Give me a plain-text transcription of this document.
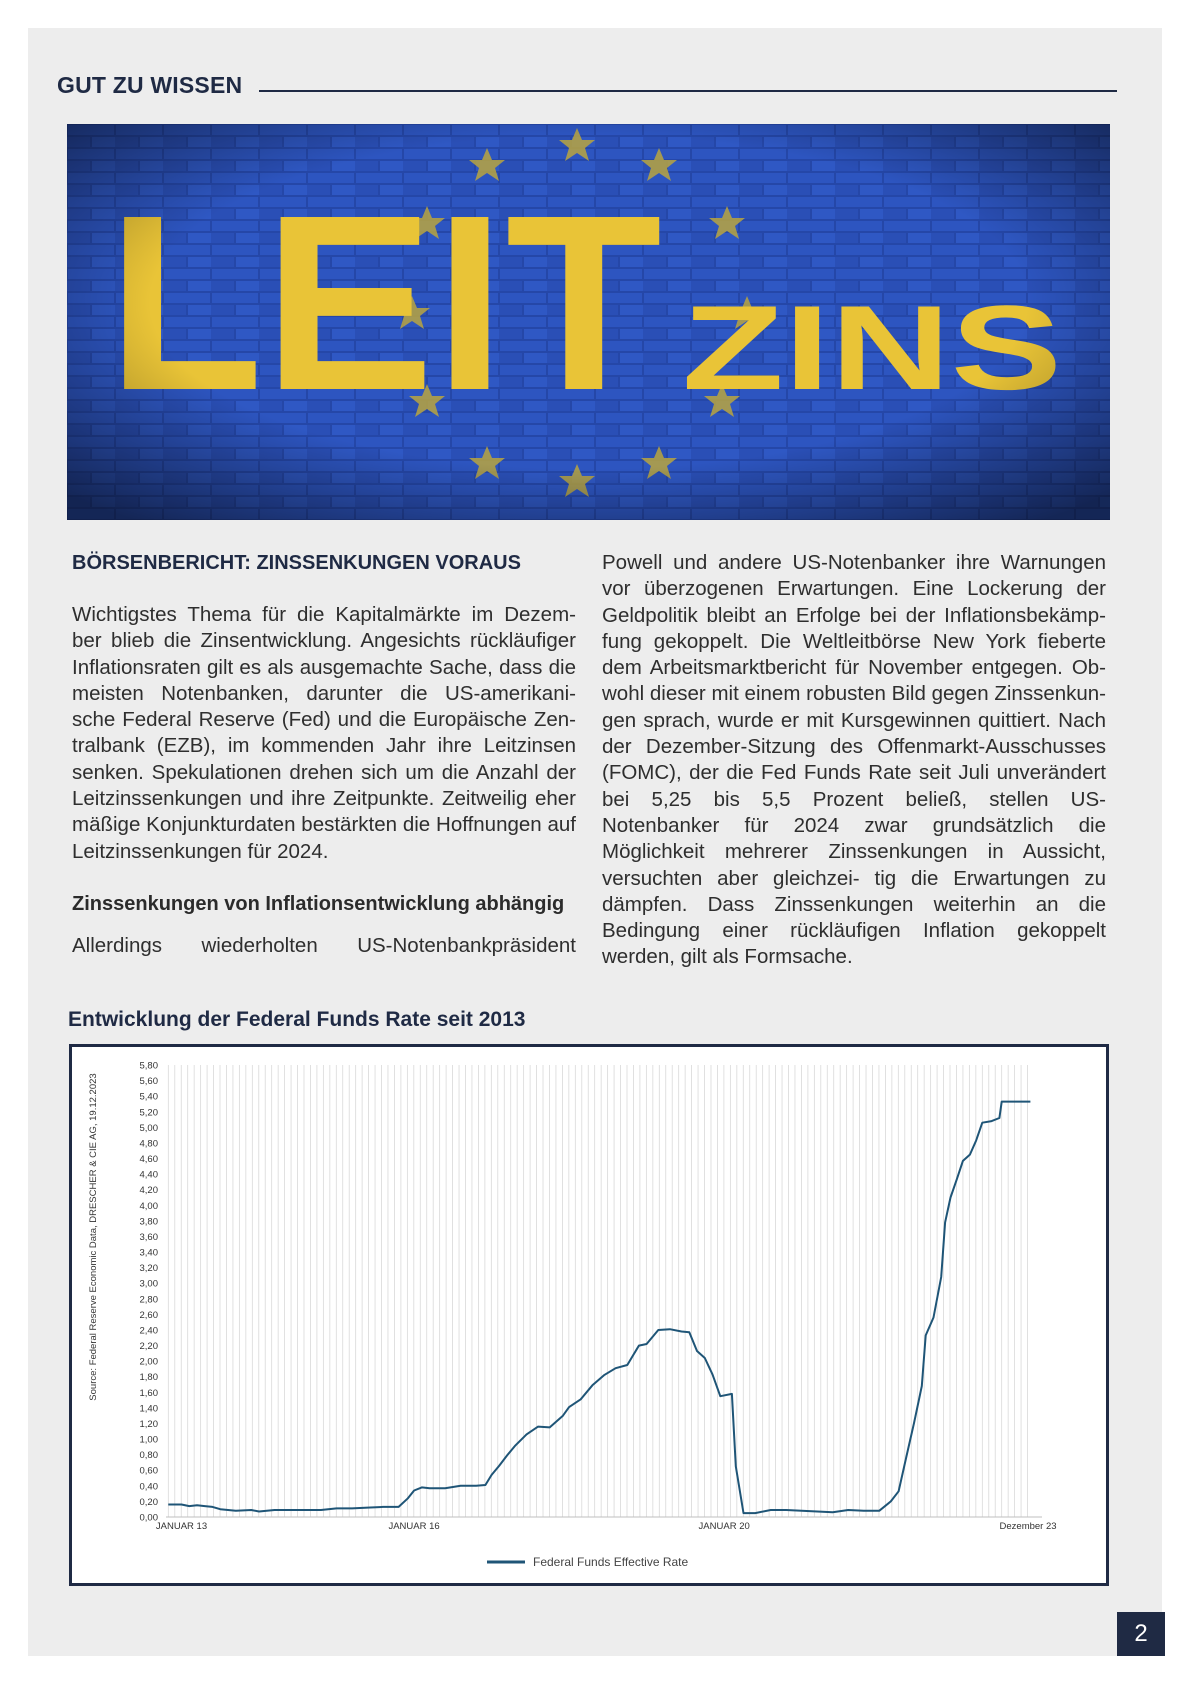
GUT ZU WISSEN
BÖRSENBERICHT: ZINSSENKUNGEN VORAUS

Wichtigstes Thema für die Kapitalmärkte im Dezem- ber blieb die Zinsentwicklung. Angesichts rückläufiger Inflationsraten gilt es als ausgemachte Sache, dass die meisten Notenbanken, darunter die US-amerikani- sche Federal Reserve (Fed) und die Europäische Zen- tralbank (EZB), im kommenden Jahr ihre Leitzinsen senken. Spekulationen drehen sich um die Anzahl der Leitzinssenkungen und ihre Zeitpunkte. Zeitweilig eher mäßige Konjunkturdaten bestärkten die Hoffnungen auf Leitzinssenkungen für 2024.

Zinssenkungen von Inflationsentwicklung abhängig

Allerdings wiederholten US-Notenbankpräsident

Powell und andere US-Notenbanker ihre Warnungen vor überzogenen Erwartungen. Eine Lockerung der Geldpolitik bleibt an Erfolge bei der Inflationsbekämp- fung gekoppelt. Die Weltleitbörse New York fieberte dem Arbeitsmarktbericht für November entgegen. Ob- wohl dieser mit einem robusten Bild gegen Zinssenkun- gen sprach, wurde er mit Kursgewinnen quittiert. Nach der Dezember-Sitzung des Offenmarkt-Ausschusses (FOMC), der die Fed Funds Rate seit Juli unverändert bei 5,25 bis 5,5 Prozent beließ, stellen US-Notenbanker für 2024 zwar grundsätzlich die Möglichkeit mehrerer Zinssenkungen in Aussicht, versuchten aber gleichzei- tig die Erwartungen zu dämpfen. Dass Zinssenkungen weiterhin an die Bedingung einer rückläufigen Inflation gekoppelt werden, gilt als Formsache.

Entwicklung der Federal Funds Rate seit 2013
0,00
0,20
0,40
0,60
0,80
1,00
1,20
1,40
1,60
1,80
2,00
2,20
2,40
2,60
2,80
3,00
3,20
3,40
3,60
3,80
4,00
4,20
4,40
4,60
4,80
5,00
5,20
5,40
5,60
5,80
JANUAR 13	JANUAR 16	JANUAR 20	Dezember 23
Source: Federal Reserve Economic Data, DRESCHER & CIE AG, 19.12.2023
Federal Funds Effective Rate
2
